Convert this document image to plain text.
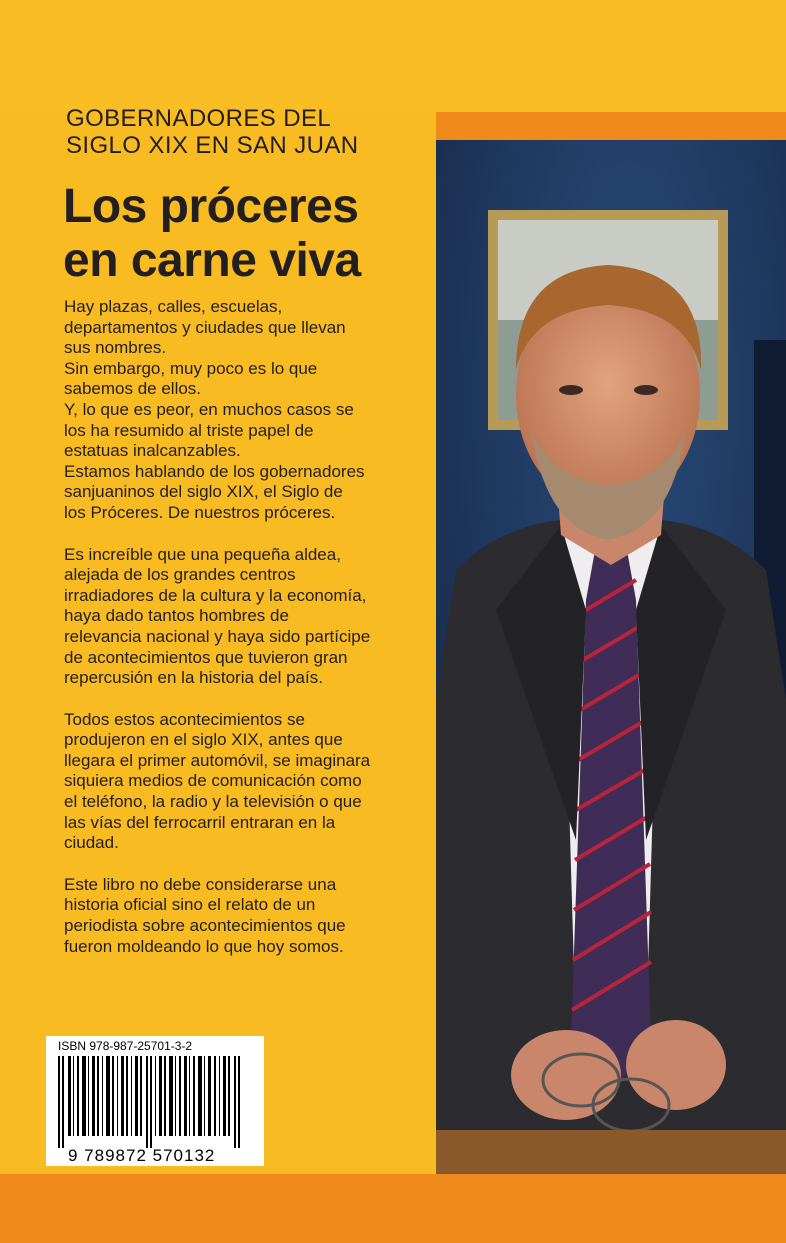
GOBERNADORES DEL
SIGLO XIX EN SAN JUAN
Los próceres
en carne viva

Hay plazas, calles, escuelas,
departamentos y ciudades que llevan
sus nombres.
Sin embargo, muy poco es lo que
sabemos de ellos.
Y, lo que es peor, en muchos casos se
los ha resumido al triste papel de
estatuas inalcanzables.
Estamos hablando de los gobernadores
sanjuaninos del siglo XIX, el Siglo de
los Próceres. De nuestros próceres.

Es increíble que una pequeña aldea,
alejada de los grandes centros
irradiadores de la cultura y la economía,
haya dado tantos hombres de
relevancia nacional y haya sido partícipe
de acontecimientos que tuvieron gran
repercusión en la historia del país.

Todos estos acontecimientos se
produjeron en el siglo XIX, antes que
llegara el primer automóvil, se imaginara
siquiera medios de comunicación como
el teléfono, la radio y la televisión o que
las vías del ferrocarril entraran en la
ciudad.

Este libro no debe considerarse una
historia oficial sino el relato de un
periodista sobre acontecimientos que
fueron moldeando lo que hoy somos.

ISBN 978-987-25701-3-2
9 789872 570132
